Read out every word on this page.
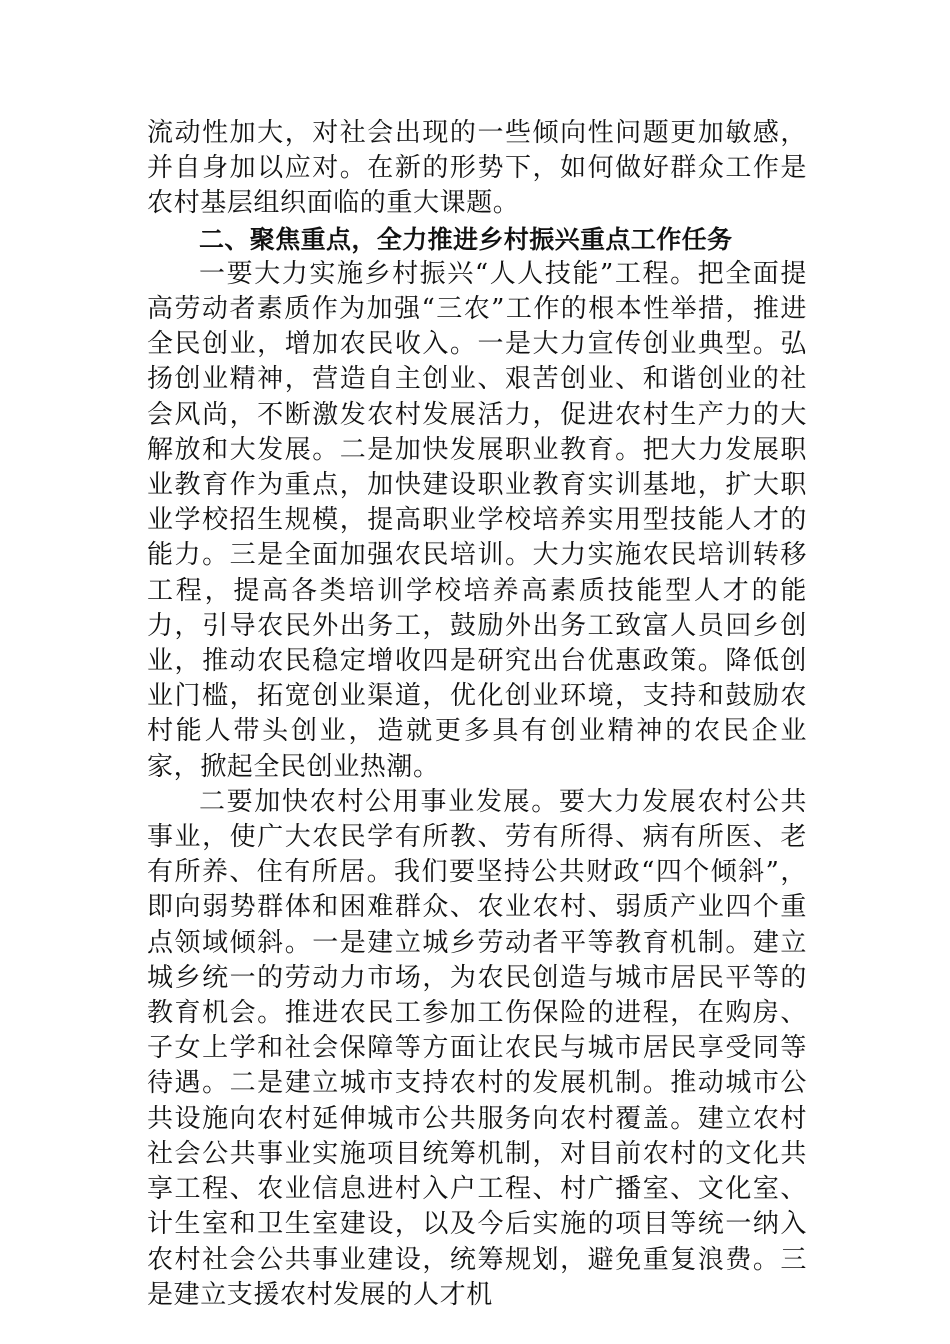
流动性加大，对社会出现的一些倾向性问题更加敏感，并自身加以应对。在新的形势下，如何做好群众工作是农村基层组织面临的重大课题。

二、聚焦重点，全力推进乡村振兴重点工作任务

一要大力实施乡村振兴“人人技能”工程。把全面提高劳动者素质作为加强“三农”工作的根本性举措，推进全民创业，增加农民收入。一是大力宣传创业典型。弘扬创业精神，营造自主创业、艰苦创业、和谐创业的社会风尚，不断激发农村发展活力，促进农村生产力的大解放和大发展。二是加快发展职业教育。把大力发展职业教育作为重点，加快建设职业教育实训基地，扩大职业学校招生规模，提高职业学校培养实用型技能人才的能力。三是全面加强农民培训。大力实施农民培训转移工程，提高各类培训学校培养高素质技能型人才的能力，引导农民外出务工，鼓励外出务工致富人员回乡创业，推动农民稳定增收四是研究出台优惠政策。降低创业门槛，拓宽创业渠道，优化创业环境，支持和鼓励农村能人带头创业，造就更多具有创业精神的农民企业家，掀起全民创业热潮。

二要加快农村公用事业发展。要大力发展农村公共事业，使广大农民学有所教、劳有所得、病有所医、老有所养、住有所居。我们要坚持公共财政“四个倾斜”，即向弱势群体和困难群众、农业农村、弱质产业四个重点领域倾斜。一是建立城乡劳动者平等教育机制。建立城乡统一的劳动力市场，为农民创造与城市居民平等的教育机会。推进农民工参加工伤保险的进程，在购房、子女上学和社会保障等方面让农民与城市居民享受同等待遇。二是建立城市支持农村的发展机制。推动城市公共设施向农村延伸城市公共服务向农村覆盖。建立农村社会公共事业实施项目统筹机制，对目前农村的文化共享工程、农业信息进村入户工程、村广播室、文化室、计生室和卫生室建设，以及今后实施的项目等统一纳入农村社会公共事业建设，统筹规划，避免重复浪费。三是建立支援农村发展的人才机
